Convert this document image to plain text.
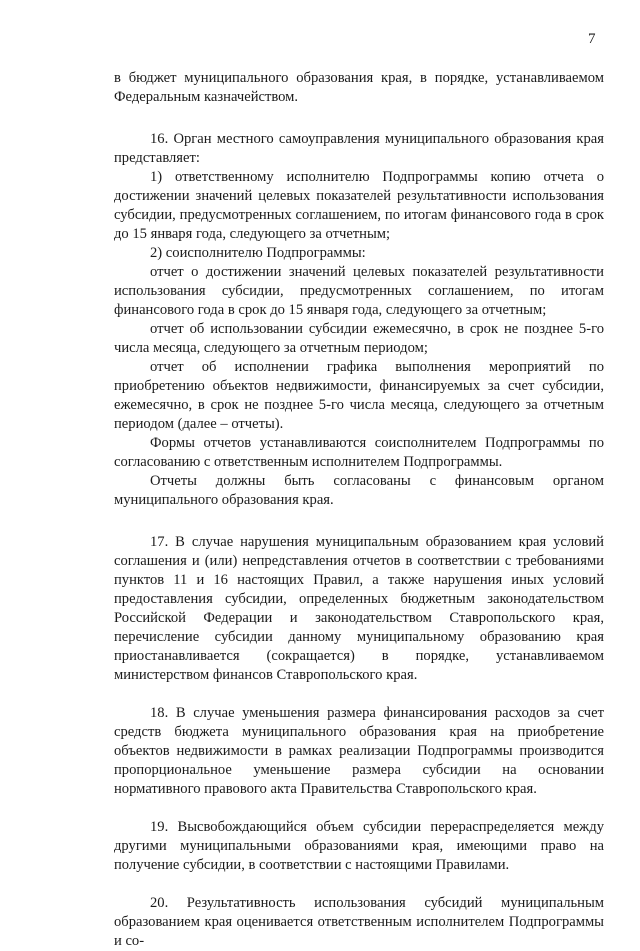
7

в бюджет муниципального образования края, в порядке, устанавливаемом Федеральным казначейством.

16. Орган местного самоуправления муниципального образования края представляет:

1) ответственному исполнителю Подпрограммы копию отчета о достижении значений целевых показателей результативности использования субсидии, предусмотренных соглашением, по итогам финансового года в срок до 15 января года, следующего за отчетным;

2) соисполнителю Подпрограммы:

отчет о достижении значений целевых показателей результативности использования субсидии, предусмотренных соглашением, по итогам финансового года в срок до 15 января года, следующего за отчетным;

отчет об использовании субсидии ежемесячно, в срок не позднее 5-го числа месяца, следующего за отчетным периодом;

отчет об исполнении графика выполнения мероприятий по приобретению объектов недвижимости, финансируемых за счет субсидии, ежемесячно, в срок не позднее 5-го числа месяца, следующего за отчетным периодом (далее – отчеты).

Формы отчетов устанавливаются соисполнителем Подпрограммы по согласованию с ответственным исполнителем Подпрограммы.

Отчеты должны быть согласованы с финансовым органом муниципального образования края.

17. В случае нарушения муниципальным образованием края условий соглашения и (или) непредставления отчетов в соответствии с требованиями пунктов 11 и 16 настоящих Правил, а также нарушения иных условий предоставления субсидии, определенных бюджетным законодательством Российской Федерации и законодательством Ставропольского края, перечисление субсидии данному муниципальному образованию края приостанавливается (сокращается) в порядке, устанавливаемом министерством финансов Ставропольского края.

18. В случае уменьшения размера финансирования расходов за счет средств бюджета муниципального образования края на приобретение объектов недвижимости в рамках реализации Подпрограммы производится пропорциональное уменьшение размера субсидии на основании нормативного правового акта Правительства Ставропольского края.

19. Высвобождающийся объем субсидии перераспределяется между другими муниципальными образованиями края, имеющими право на получение субсидии, в соответствии с настоящими Правилами.

20. Результативность использования субсидий муниципальным образованием края оценивается ответственным исполнителем Подпрограммы и со-
